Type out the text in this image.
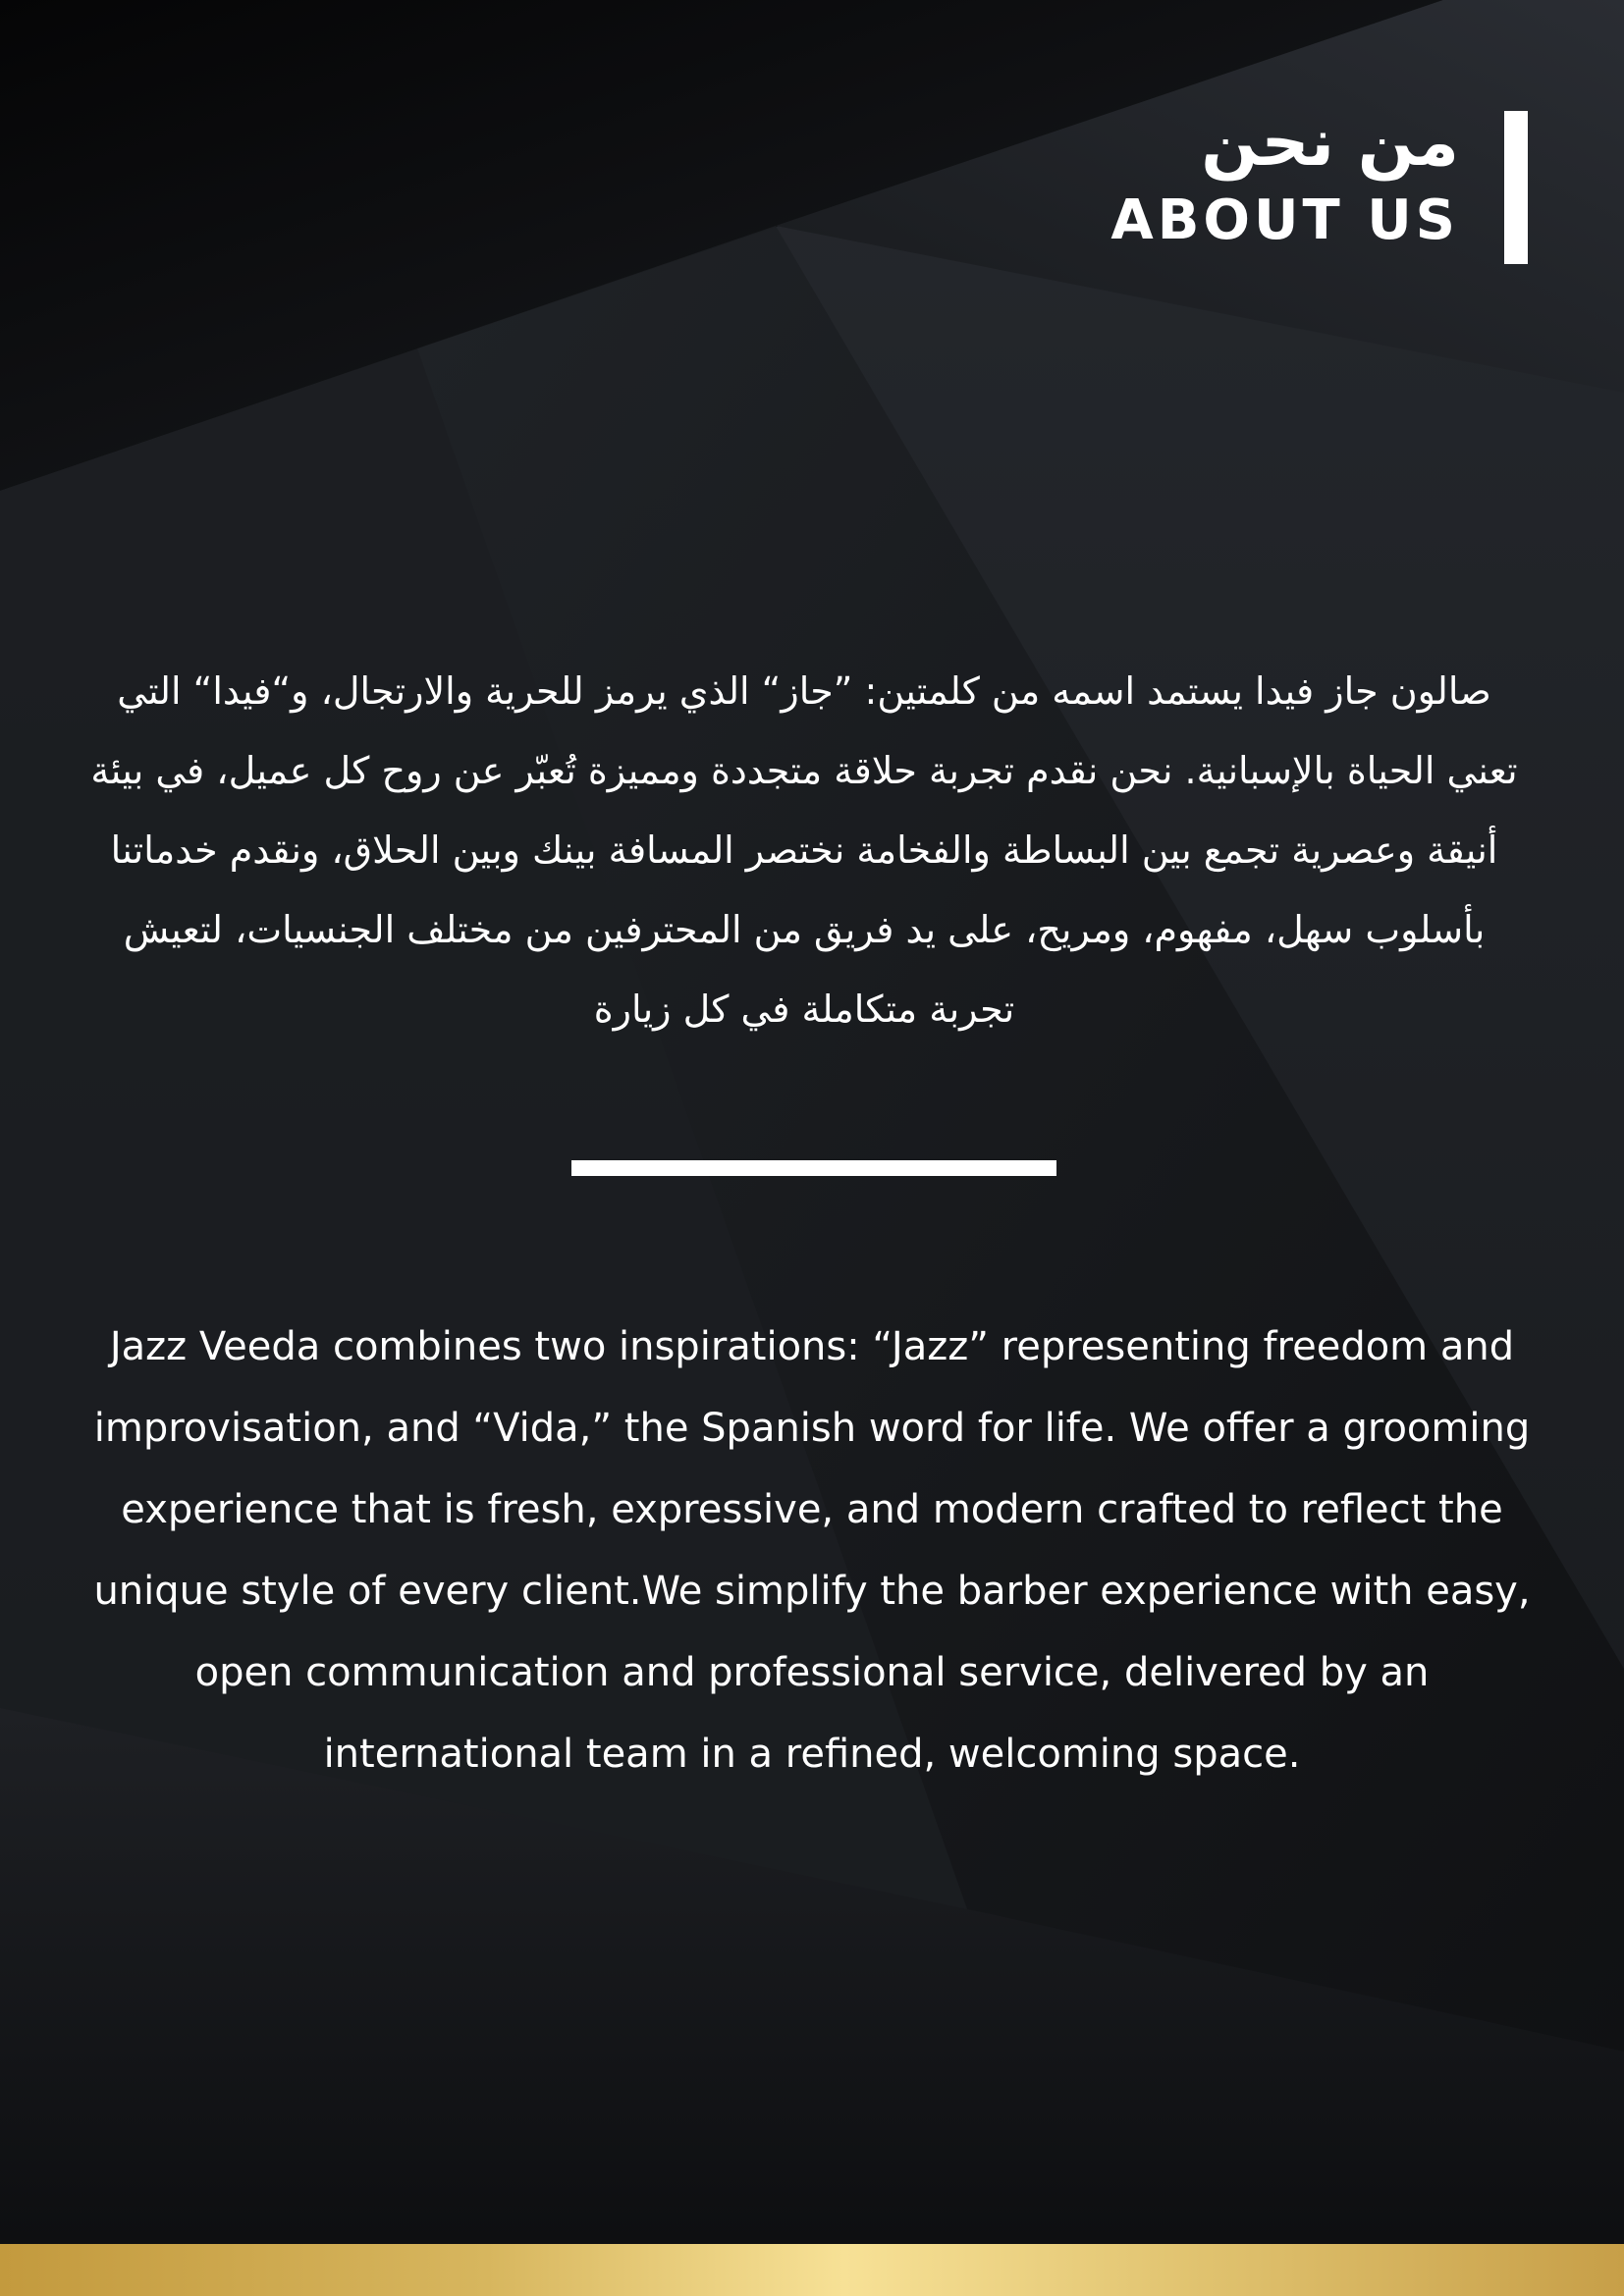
من نحن

ABOUT US

صالون جاز فيدا يستمد اسمه من كلمتين: ”جاز“ الذي يرمز للحرية والارتجال، و“فيدا“ التي تعني الحياة بالإسبانية. نحن نقدم تجربة حلاقة متجددة ومميزة تُعبّر عن روح كل عميل، في بيئة أنيقة وعصرية تجمع بين البساطة والفخامة نختصر المسافة بينك وبين الحلاق، ونقدم خدماتنا بأسلوب سهل، مفهوم، ومريح، على يد فريق من المحترفين من مختلف الجنسيات، لتعيش تجربة متكاملة في كل زيارة

Jazz Veeda combines two inspirations: “Jazz” representing freedom and improvisation, and “Vida,” the Spanish word for life. We offer a grooming experience that is fresh, expressive, and modern crafted to reflect the unique style of every client.We simplify the barber experience with easy, open communication and professional service, delivered by an international team in a refined, welcoming space.
